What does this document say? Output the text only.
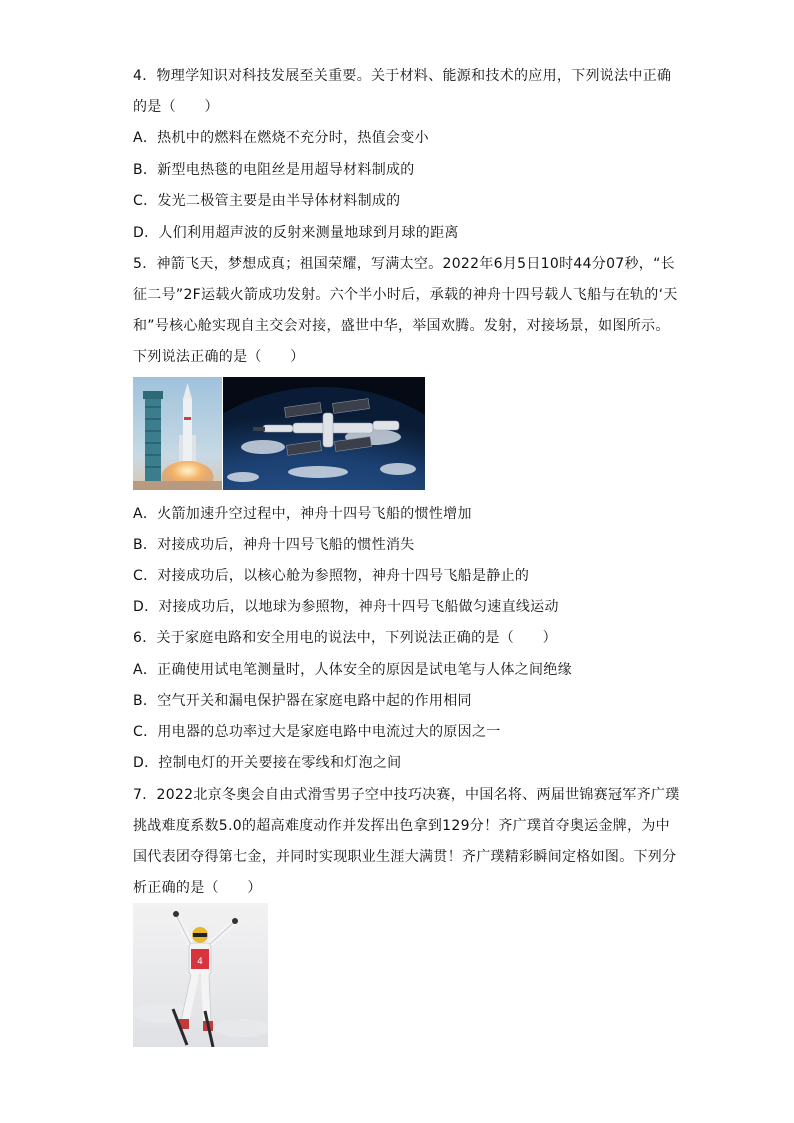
4．物理学知识对科技发展至关重要。关于材料、能源和技术的应用，下列说法中正确
的是（　　）
A．热机中的燃料在燃烧不充分时，热值会变小
B．新型电热毯的电阻丝是用超导材料制成的
C．发光二极管主要是由半导体材料制成的
D．人们利用超声波的反射来测量地球到月球的距离
5．神箭飞天，梦想成真；祖国荣耀，写满太空。2022年6月5日10时44分07秒，“长
征二号”2F运载火箭成功发射。六个半小时后，承载的神舟十四号载人飞船与在轨的‘天
和”号核心舱实现自主交会对接，盛世中华，举国欢腾。发射，对接场景，如图所示。
下列说法正确的是（　　）
A．火箭加速升空过程中，神舟十四号飞船的惯性增加
B．对接成功后，神舟十四号飞船的惯性消失
C．对接成功后，以核心舱为参照物，神舟十四号飞船是静止的
D．对接成功后，以地球为参照物，神舟十四号飞船做匀速直线运动
6．关于家庭电路和安全用电的说法中，下列说法正确的是（　　）
A．正确使用试电笔测量时，人体安全的原因是试电笔与人体之间绝缘
B．空气开关和漏电保护器在家庭电路中起的作用相同
C．用电器的总功率过大是家庭电路中电流过大的原因之一
D．控制电灯的开关要接在零线和灯泡之间
7．2022北京冬奥会自由式滑雪男子空中技巧决赛，中国名将、两届世锦赛冠军齐广璞
挑战难度系数5.0的超高难度动作并发挥出色拿到129分！齐广璞首夺奥运金牌，为中
国代表团夺得第七金，并同时实现职业生涯大满贯！齐广璞精彩瞬间定格如图。下列分
析正确的是（　　）
4
